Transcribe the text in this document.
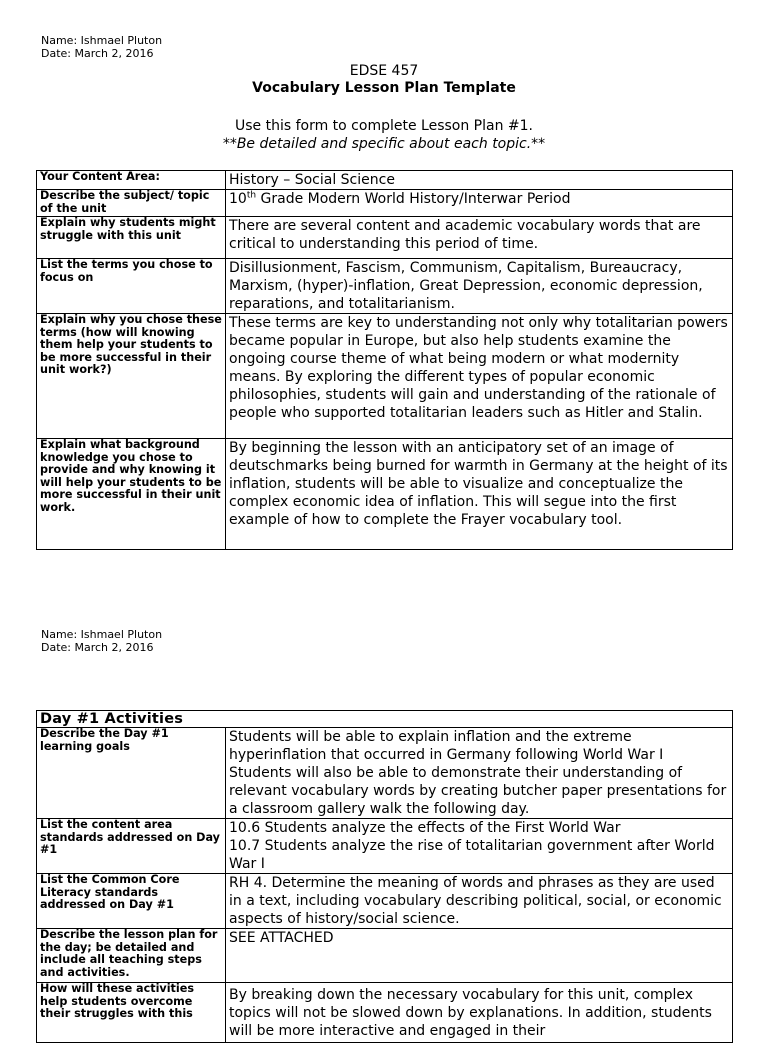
Name: Ishmael Pluton
Date: March 2, 2016
EDSE 457
Vocabulary Lesson Plan Template
Use this form to complete Lesson Plan #1.
**Be detailed and specific about each topic.**
Your Content Area:	History – Social Science
Describe the subject/ topic of the unit	10th Grade Modern World History/Interwar Period
Explain why students might struggle with this unit	There are several content and academic vocabulary words that are critical to understanding this period of time.
List the terms you chose to focus on	Disillusionment, Fascism, Communism, Capitalism, Bureaucracy, Marxism, (hyper)-inflation, Great Depression, economic depression, reparations, and totalitarianism.
Explain why you chose these terms (how will knowing them help your students to be more successful in their unit work?)	These terms are key to understanding not only why totalitarian powers became popular in Europe, but also help students examine the ongoing course theme of what being modern or what modernity means. By exploring the different types of popular economic philosophies, students will gain and understanding of the rationale of people who supported totalitarian leaders such as Hitler and Stalin.
Explain what background knowledge you chose to provide and why knowing it will help your students to be more successful in their unit work.	By beginning the lesson with an anticipatory set of an image of deutschmarks being burned for warmth in Germany at the height of its inflation, students will be able to visualize and conceptualize the complex economic idea of inflation. This will segue into the first example of how to complete the Frayer vocabulary tool.
Name: Ishmael Pluton
Date: March 2, 2016
Day #1 Activities	
Describe the Day #1 learning goals	Students will be able to explain inflation and the extreme hyperinflation that occurred in Germany following World War I Students will also be able to demonstrate their understanding of relevant vocabulary words by creating butcher paper presentations for a classroom gallery walk the following day.
List the content area standards addressed on Day #1	10.6 Students analyze the effects of the First World War
10.7 Students analyze the rise of totalitarian government after World War I
List the Common Core Literacy standards addressed on Day #1	RH 4. Determine the meaning of words and phrases as they are used in a text, including vocabulary describing political, social, or economic aspects of history/social science.
Describe the lesson plan for the day; be detailed and include all teaching steps and activities.	SEE ATTACHED
How will these activities help students overcome their struggles with this	By breaking down the necessary vocabulary for this unit, complex topics will not be slowed down by explanations. In addition, students will be more interactive and engaged in their
